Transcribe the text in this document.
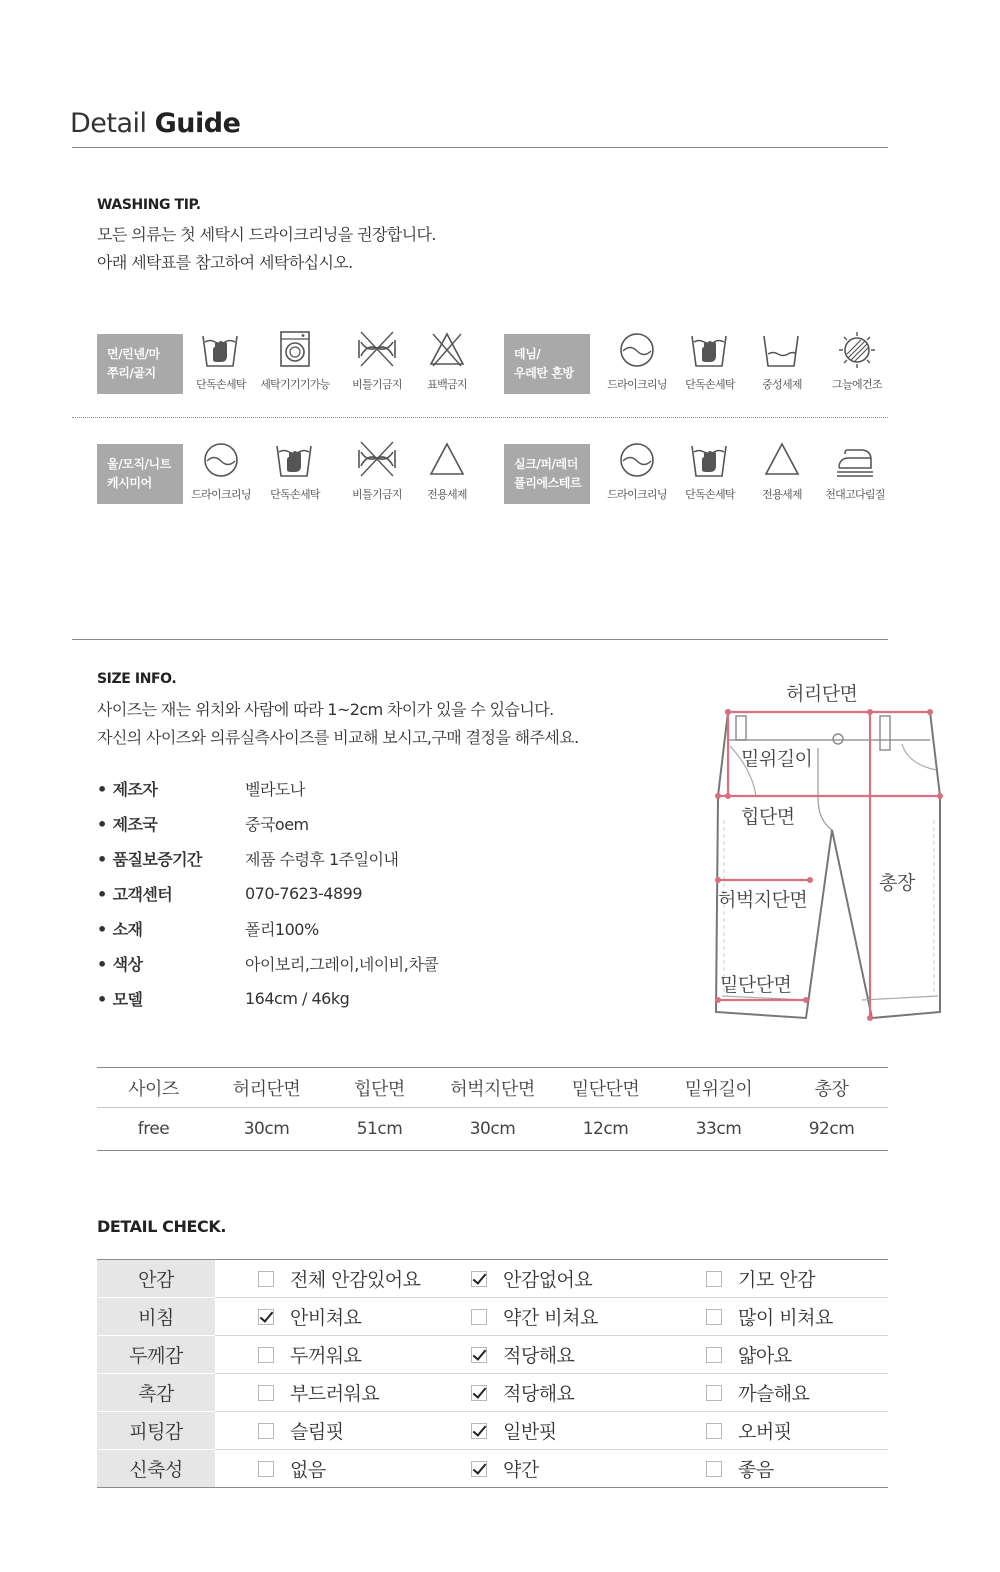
Detail Guide
WASHING TIP.
모든 의류는 첫 세탁시 드라이크리닝을 권장합니다.
아래 세탁표를 참고하여 세탁하십시오.
면/린넨/마
쭈리/골지
단독손세탁	세탁기기기가능	비틀기금지	표백금지
데님/
우레탄 혼방
드라이크리닝	단독손세탁	중성세제	그늘에건조
울/모직/니트
캐시미어
드라이크리닝	단독손세탁	비틀기금지	전용세제
실크/퍼/레더
폴리에스테르
드라이크리닝	단독손세탁	전용세제	천대고다림질
SIZE INFO.
사이즈는 재는 위치와 사람에 따라 1~2cm 차이가 있을 수 있습니다.
자신의 사이즈와 의류실측사이즈를 비교해 보시고,구매 결정을 해주세요.
• 제조자	벨라도나
• 제조국	중국oem
• 품질보증기간	제품 수령후 1주일이내
• 고객센터	070-7623-4899
• 소재	폴리100%
• 색상	아이보리,그레이,네이비,차콜
• 모델	164cm / 46kg
허리단면
밑위길이
힙단면
허벅지단면
밑단단면
총장
사이즈	허리단면	힙단면	허벅지단면	밑단단면	밑위길이	총장
free	30cm	51cm	30cm	12cm	33cm	92cm
DETAIL CHECK.
안감	전체 안감있어요	안감없어요	기모 안감

비침	안비쳐요	약간 비쳐요	많이 비쳐요

두께감	두꺼워요	적당해요	얇아요

촉감	부드러워요	적당해요	까슬해요

피팅감	슬림핏	일반핏	오버핏

신축성	없음	약간	좋음
